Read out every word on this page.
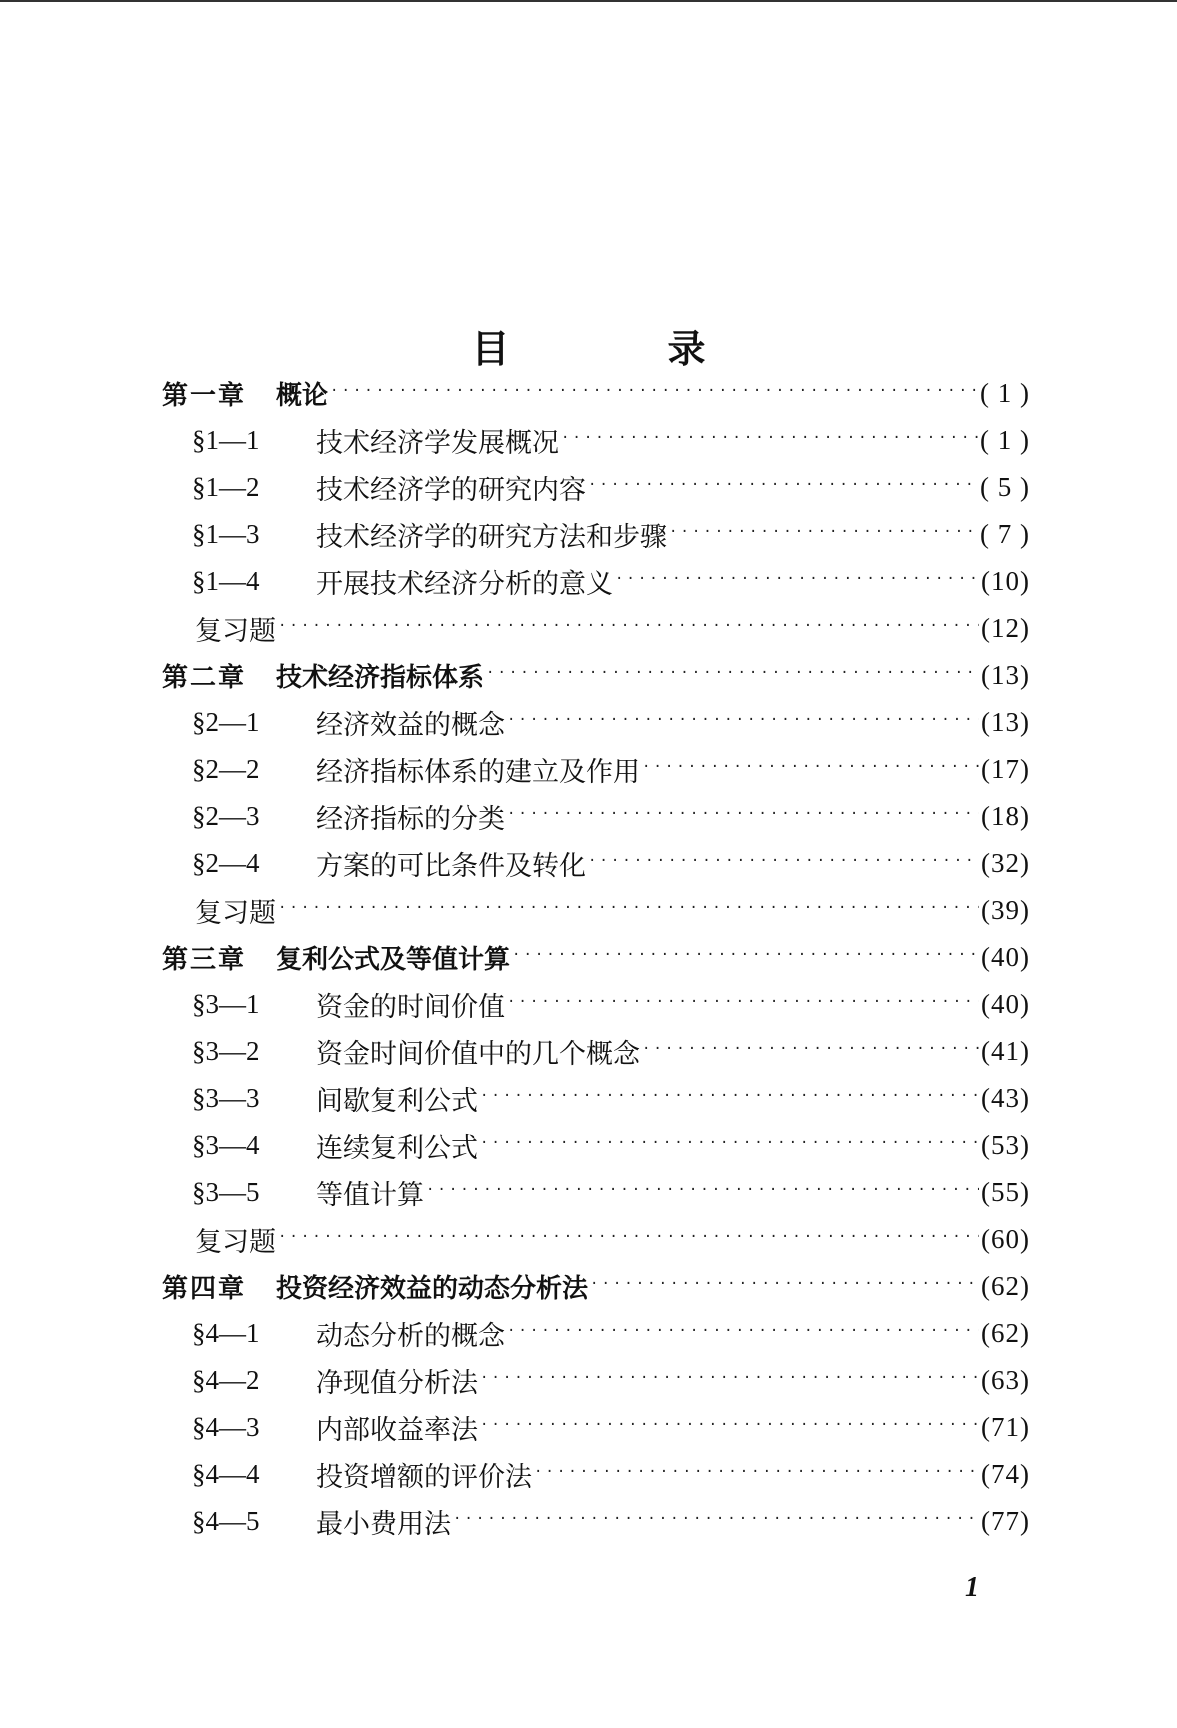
目　录
第一章	概论 ·····	( 1 )
§1—1	技术经济学发展概况 ·····	( 1 )
§1—2	技术经济学的研究内容 ·····	( 5 )
§1—3	技术经济学的研究方法和步骤 ·····	( 7 )
§1—4	开展技术经济分析的意义 ·····	(10)
复习题 ·····	(12)
第二章	技术经济指标体系 ·····	(13)
§2—1	经济效益的概念 ·····	(13)
§2—2	经济指标体系的建立及作用 ·····	(17)
§2—3	经济指标的分类 ·····	(18)
§2—4	方案的可比条件及转化 ·····	(32)
复习题 ·····	(39)
第三章	复利公式及等值计算 ·····	(40)
§3—1	资金的时间价值 ·····	(40)
§3—2	资金时间价值中的几个概念 ·····	(41)
§3—3	间歇复利公式 ·····	(43)
§3—4	连续复利公式 ·····	(53)
§3—5	等值计算 ·····	(55)
复习题 ·····	(60)
第四章	投资经济效益的动态分析法 ·····	(62)
§4—1	动态分析的概念 ·····	(62)
§4—2	净现值分析法 ·····	(63)
§4—3	内部收益率法 ·····	(71)
§4—4	投资增额的评价法 ·····	(74)
§4—5	最小费用法 ·····	(77)
1
